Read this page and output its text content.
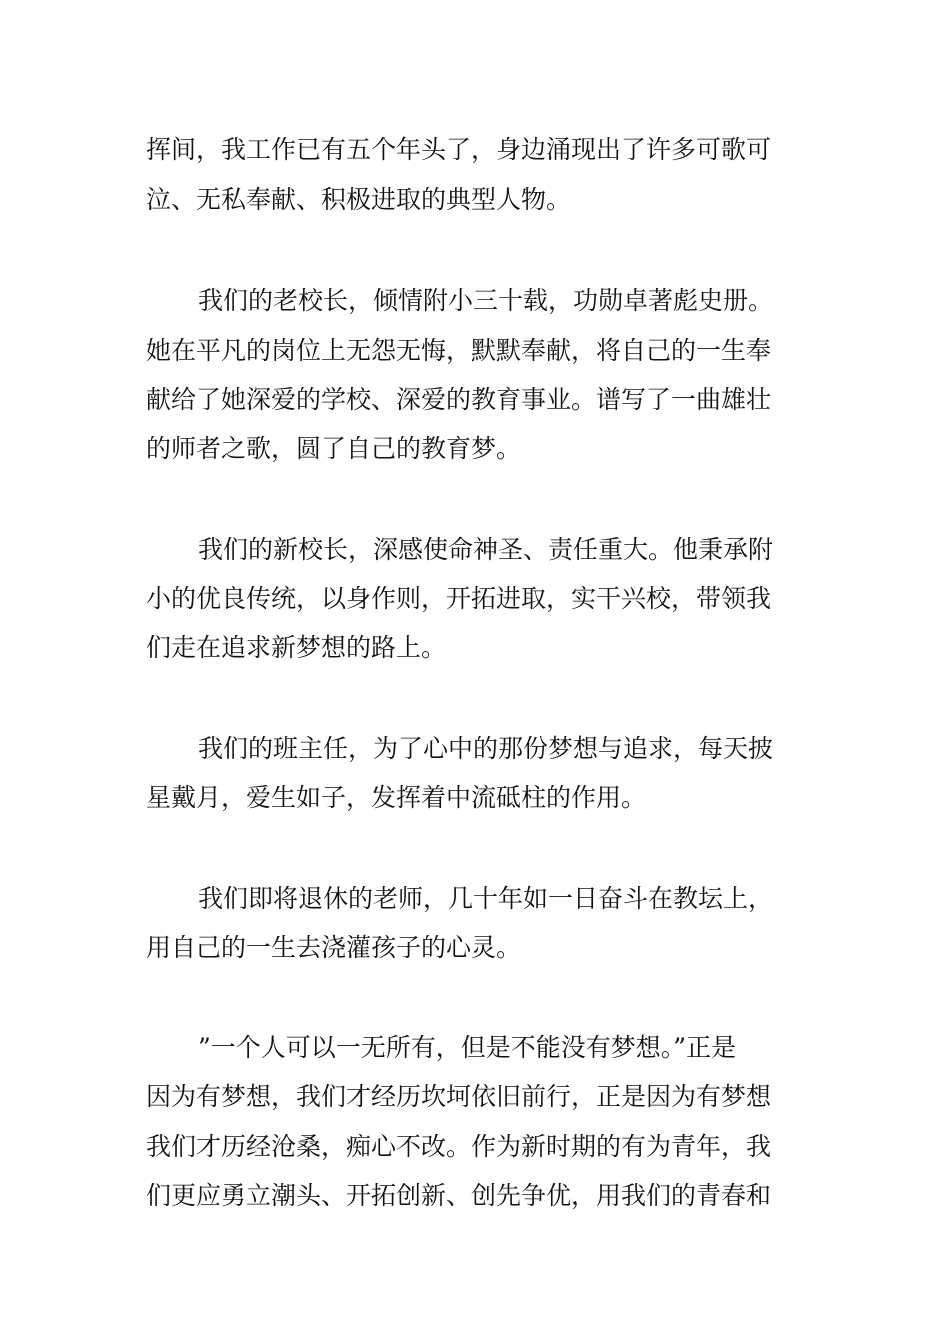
挥间，我工作已有五个年头了，身边涌现出了许多可歌可
泣、无私奉献、积极进取的典型人物。
我们的老校长，倾情附小三十载，功勋卓著彪史册。
她在平凡的岗位上无怨无悔，默默奉献，将自己的一生奉
献给了她深爱的学校、深爱的教育事业。谱写了一曲雄壮
的师者之歌，圆了自己的教育梦。
我们的新校长，深感使命神圣、责任重大。他秉承附
小的优良传统，以身作则，开拓进取，实干兴校，带领我
们走在追求新梦想的路上。
我们的班主任，为了心中的那份梦想与追求，每天披
星戴月，爱生如子，发挥着中流砥柱的作用。
我们即将退休的老师，几十年如一日奋斗在教坛上，
用自己的一生去浇灌孩子的心灵。
”一个人可以一无所有，但是不能没有梦想。”正是
因为有梦想，我们才经历坎坷依旧前行，正是因为有梦想
我们才历经沧桑，痴心不改。作为新时期的有为青年，我
们更应勇立潮头、开拓创新、创先争优，用我们的青春和
